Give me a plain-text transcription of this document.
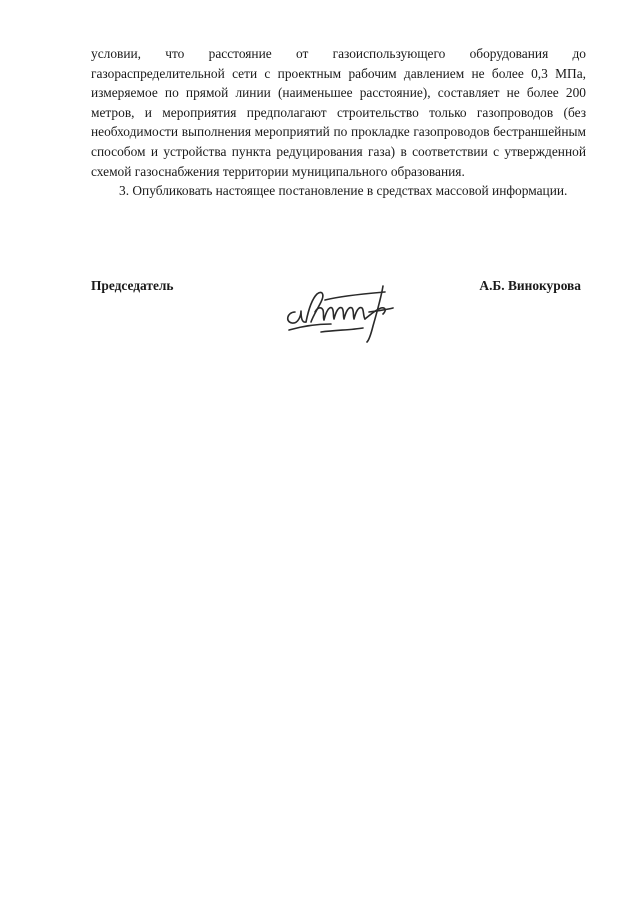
условии, что расстояние от газоиспользующего оборудования до газораспределительной сети с проектным рабочим давлением не более 0,3 МПа, измеряемое по прямой линии (наименьшее расстояние), составляет не более 200 метров, и мероприятия предполагают строительство только газопроводов (без необходимости выполнения мероприятий по прокладке газопроводов бестраншейным способом и устройства пункта редуцирования газа) в соответствии с утвержденной схемой газоснабжения территории муниципального образования.

3. Опубликовать настоящее постановление в средствах массовой информации.

Председатель	А.Б. Винокурова
